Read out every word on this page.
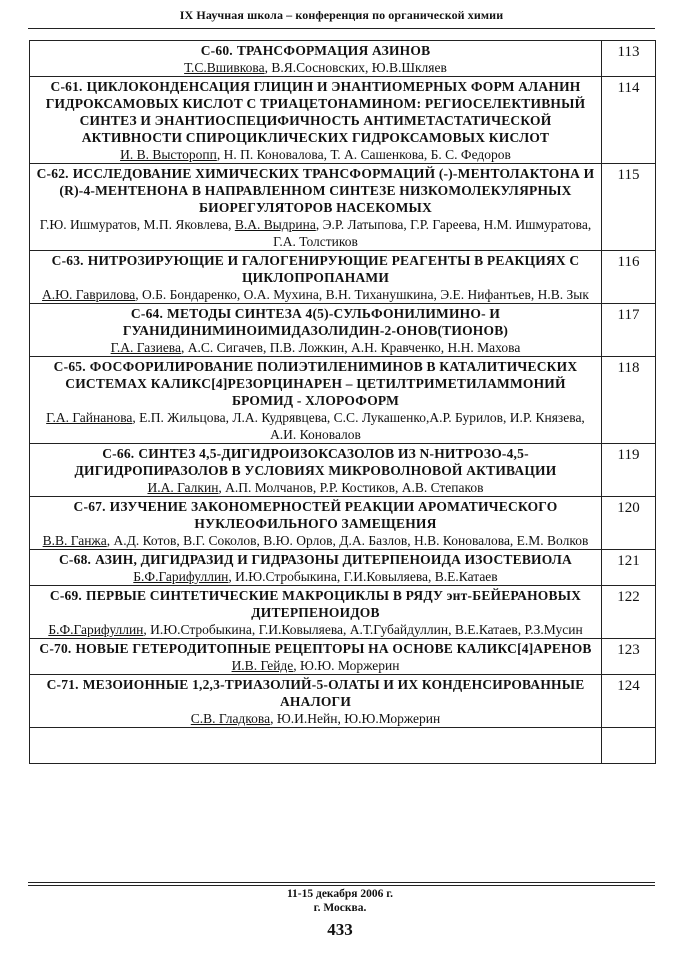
IX Научная школа – конференция по органической химии
С-60. ТРАНСФОРМАЦИЯ АЗИНОВ
Т.С.Вшивкова, В.Я.Сосновских, Ю.В.Шкляев	113

С-61. ЦИКЛОКОНДЕНСАЦИЯ ГЛИЦИН И ЭНАНТИОМЕРНЫХ ФОРМ АЛАНИН ГИДРОКСАМОВЫХ КИСЛОТ С ТРИАЦЕТОНАМИНОМ: РЕГИОСЕЛЕКТИВНЫЙ СИНТЕЗ И ЭНАНТИОСПЕЦИФИЧНОСТЬ АНТИМЕТАСТАТИЧЕСКОЙ АКТИВНОСТИ СПИРОЦИКЛИЧЕСКИХ ГИДРОКСАМОВЫХ КИСЛОТ
И. В. Высторопп, Н. П. Коновалова, Т. А. Сашенкова, Б. С. Федоров	114

С-62. ИССЛЕДОВАНИЕ ХИМИЧЕСКИХ ТРАНСФОРМАЦИЙ (-)-МЕНТОЛАКТОНА И (R)-4-МЕНТЕНОНА В НАПРАВЛЕННОМ СИНТЕЗЕ НИЗКОМОЛЕКУЛЯРНЫХ БИОРЕГУЛЯТОРОВ НАСЕКОМЫХ
Г.Ю. Ишмуратов, М.П. Яковлева, В.А. Выдрина, Э.Р. Латыпова, Г.Р. Гареева, Н.М. Ишмуратова, Г.А. Толстиков	115

С-63. НИТРОЗИРУЮЩИЕ И ГАЛОГЕНИРУЮЩИЕ РЕАГЕНТЫ В РЕАКЦИЯХ С ЦИКЛОПРОПАНАМИ
А.Ю. Гаврилова, О.Б. Бондаренко, О.А. Мухина, В.Н. Тиханушкина, Э.Е. Нифантьев, Н.В. Зык	116

С-64. МЕТОДЫ СИНТЕЗА 4(5)-СУЛЬФОНИЛИМИНО- И ГУАНИДИНИМИНОИМИДАЗОЛИДИН-2-ОНОВ(ТИОНОВ)
Г.А. Газиева, А.С. Сигачев, П.В. Ложкин, А.Н. Кравченко, Н.Н. Махова	117

С-65. ФОСФОРИЛИРОВАНИЕ ПОЛИЭТИЛЕНИМИНОВ В КАТАЛИТИЧЕСКИХ СИСТЕМАХ КАЛИКС[4]РЕЗОРЦИНАРЕН – ЦЕТИЛТРИМЕТИЛАММОНИЙ БРОМИД - ХЛОРОФОРМ
Г.А. Гайнанова, Е.П. Жильцова, Л.А. Кудрявцева, С.С. Лукашенко,А.Р. Бурилов, И.Р. Князева, А.И. Коновалов	118

С-66. СИНТЕЗ 4,5-ДИГИДРОИЗОКСАЗОЛОВ ИЗ N-НИТРОЗО-4,5-ДИГИДРОПИРАЗОЛОВ В УСЛОВИЯХ МИКРОВОЛНОВОЙ АКТИВАЦИИ
И.А. Галкин, А.П. Молчанов, Р.Р. Костиков, А.В. Степаков	119

С-67. ИЗУЧЕНИЕ ЗАКОНОМЕРНОСТЕЙ РЕАКЦИИ АРОМАТИЧЕСКОГО НУКЛЕОФИЛЬНОГО ЗАМЕЩЕНИЯ
В.В. Ганжа, А.Д. Котов, В.Г. Соколов, В.Ю. Орлов, Д.А. Базлов, Н.В. Коновалова, Е.М. Волков	120

С-68. АЗИН, ДИГИДРАЗИД И ГИДРАЗОНЫ ДИТЕРПЕНОИДА ИЗОСТЕВИОЛА
Б.Ф.Гарифуллин, И.Ю.Стробыкина, Г.И.Ковыляева, В.Е.Катаев	121

С-69. ПЕРВЫЕ СИНТЕТИЧЕСКИЕ МАКРОЦИКЛЫ В РЯДУ энт-БЕЙЕРАНОВЫХ ДИТЕРПЕНОИДОВ
Б.Ф.Гарифуллин, И.Ю.Стробыкина, Г.И.Ковыляева, А.Т.Губайдуллин, В.Е.Катаев, Р.З.Мусин	122

С-70. НОВЫЕ ГЕТЕРОДИТОПНЫЕ РЕЦЕПТОРЫ НА ОСНОВЕ КАЛИКС[4]АРЕНОВ
И.В. Гейде, Ю.Ю. Моржерин	123

С-71. МЕЗОИОННЫЕ 1,2,3-ТРИАЗОЛИЙ-5-ОЛАТЫ И ИХ КОНДЕНСИРОВАННЫЕ АНАЛОГИ
С.В. Гладкова, Ю.И.Нейн, Ю.Ю.Моржерин	124

11-15 декабря 2006 г.
г. Москва.
433
